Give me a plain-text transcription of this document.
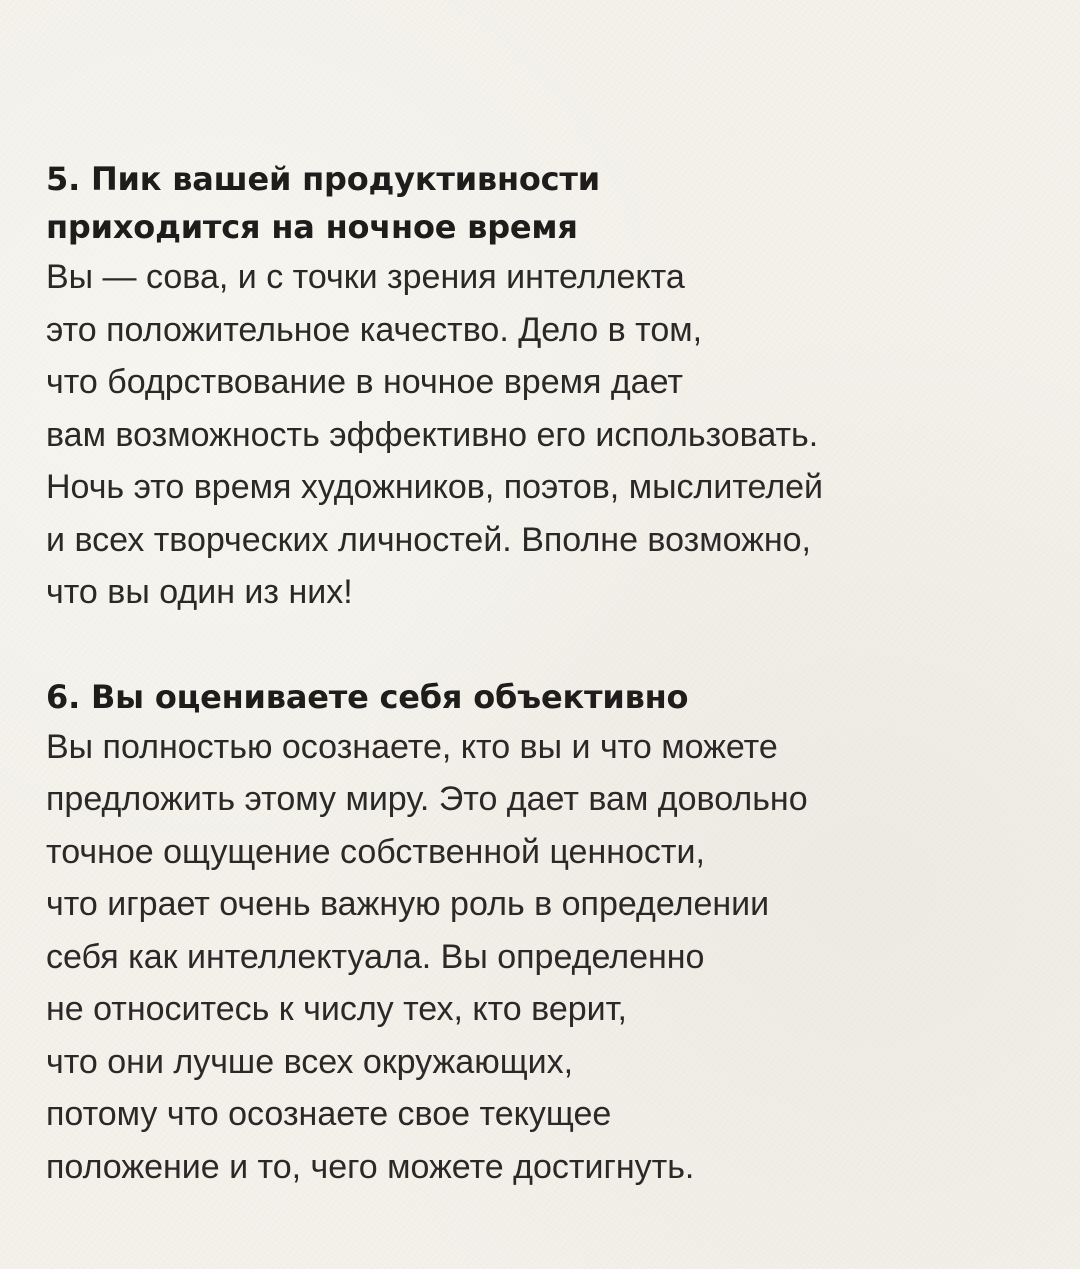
5. Пик вашей продуктивности
приходится на ночное время

Вы — сова, и с точки зрения интеллекта
это положительное качество. Дело в том,
что бодрствование в ночное время дает
вам возможность эффективно его использовать.
Ночь это время художников, поэтов, мыслителей
и всех творческих личностей. Вполне возможно,
что вы один из них!

6. Вы оцениваете себя объективно

Вы полностью осознаете, кто вы и что можете
предложить этому миру. Это дает вам довольно
точное ощущение собственной ценности,
что играет очень важную роль в определении
себя как интеллектуала. Вы определенно
не относитесь к числу тех, кто верит,
что они лучше всех окружающих,
потому что осознаете свое текущее
положение и то, чего можете достигнуть.
